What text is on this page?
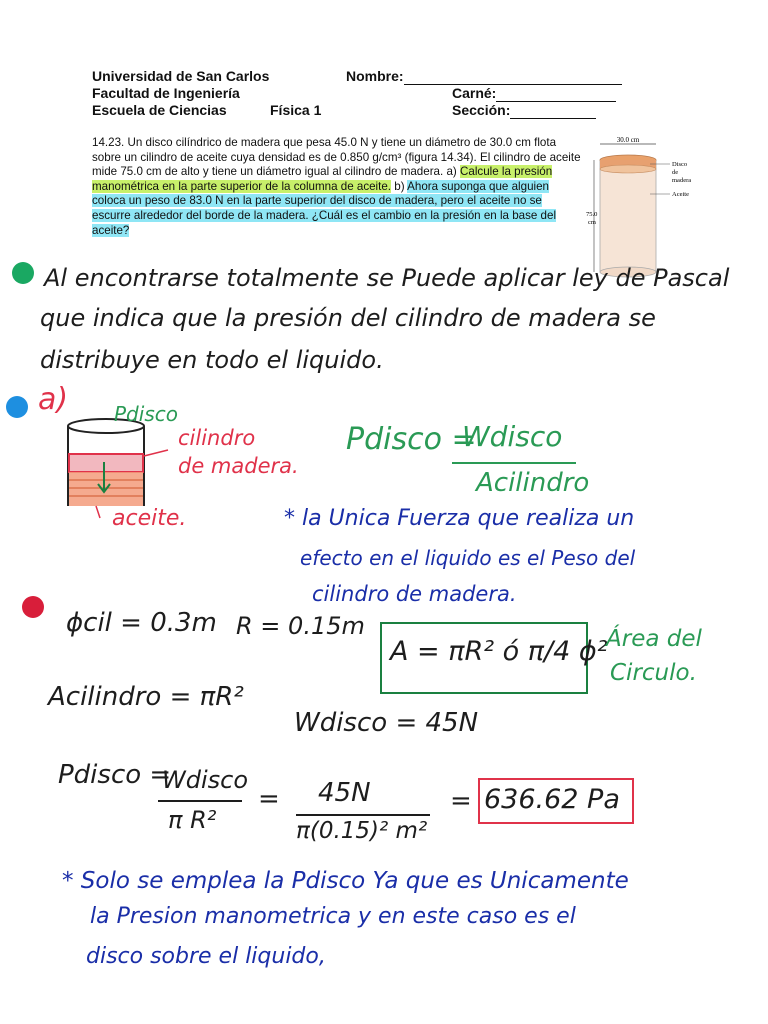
Universidad de San Carlos
Facultad de Ingeniería
Escuela de Ciencias	Física 1
Nombre:
Carné:
Sección:
14.23. Un disco cilíndrico de madera que pesa 45.0 N y tiene un diámetro de 30.0 cm flota sobre un cilindro de aceite cuya densidad es de 0.850 g/cm³ (figura 14.34). El cilindro de aceite mide 75.0 cm de alto y tiene un diámetro igual al cilindro de madera. a) Calcule la presión manométrica en la parte superior de la columna de aceite. b) Ahora suponga que alguien coloca un peso de 83.0 N en la parte superior del disco de madera, pero el aceite no se escurre alrededor del borde de la madera. ¿Cuál es el cambio en la presión en la base del aceite?
30.0 cm
75.0
cm
Disco
de
madera
Aceite
Al encontrarse totalmente se Puede aplicar ley de Pascal
que indica que la presión del cilindro de madera se
distribuye en todo el liquido.
a) Pdisco
cilindro
de madera.
aceite.
Pdisco =
Wdisco
Acilindro
* la Unica Fuerza que realiza un
efecto en el liquido es el Peso del
cilindro de madera.
ϕcil = 0.3m R = 0.15m
A = πR² ó π/4 ϕ²
Área del
Circulo.
Acilindro = πR²
Wdisco = 45N
Pdisco =
Wdisco
π R²
= 45N
π(0.15)² m²
= 636.62 Pa
* Solo se emplea la Pdisco Ya que es Unicamente
la Presion manometrica y en este caso es el
disco sobre el liquido,
